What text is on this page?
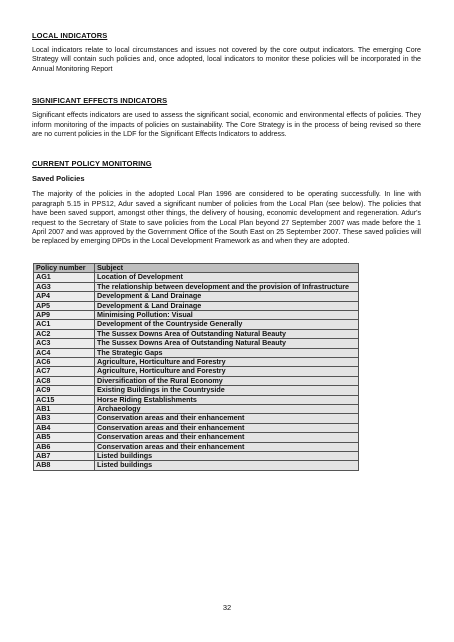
LOCAL INDICATORS

Local indicators relate to local circumstances and issues not covered by the core output indicators. The emerging Core Strategy will contain such policies and, once adopted, local indicators to monitor these policies will be incorporated in the Annual Monitoring Report

SIGNIFICANT EFFECTS INDICATORS

Significant effects indicators are used to assess the significant social, economic and environmental effects of policies. They inform monitoring of the impacts of policies on sustainability. The Core Strategy is in the process of being revised so there are no current policies in the LDF for the Significant Effects Indicators to address.

CURRENT POLICY MONITORING
Saved Policies

The majority of the policies in the adopted Local Plan 1996 are considered to be operating successfully. In line with paragraph 5.15 in PPS12, Adur saved a significant number of policies from the Local Plan (see below). The policies that have been saved support, amongst other things, the delivery of housing, economic development and regeneration. Adur's request to the Secretary of State to save policies from the Local Plan beyond 27 September 2007 was made before the 1 April 2007 and was approved by the Government Office of the South East on 25 September 2007. These saved policies will be replaced by emerging DPDs in the Local Development Framework as and when they are adopted.

Policy number	Subject
AG1	Location of Development
AG3	The relationship between development and the provision of Infrastructure
AP4	Development & Land Drainage
AP5	Development & Land Drainage
AP9	Minimising Pollution: Visual
AC1	Development of the Countryside Generally
AC2	The Sussex Downs Area of Outstanding Natural Beauty
AC3	The Sussex Downs Area of Outstanding Natural Beauty
AC4	The Strategic Gaps
AC6	Agriculture, Horticulture and Forestry
AC7	Agriculture, Horticulture and Forestry
AC8	Diversification of the Rural Economy
AC9	Existing Buildings in the Countryside
AC15	Horse Riding Establishments
AB1	Archaeology
AB3	Conservation areas and their enhancement
AB4	Conservation areas and their enhancement
AB5	Conservation areas and their enhancement
AB6	Conservation areas and their enhancement
AB7	Listed buildings
AB8	Listed buildings
32
